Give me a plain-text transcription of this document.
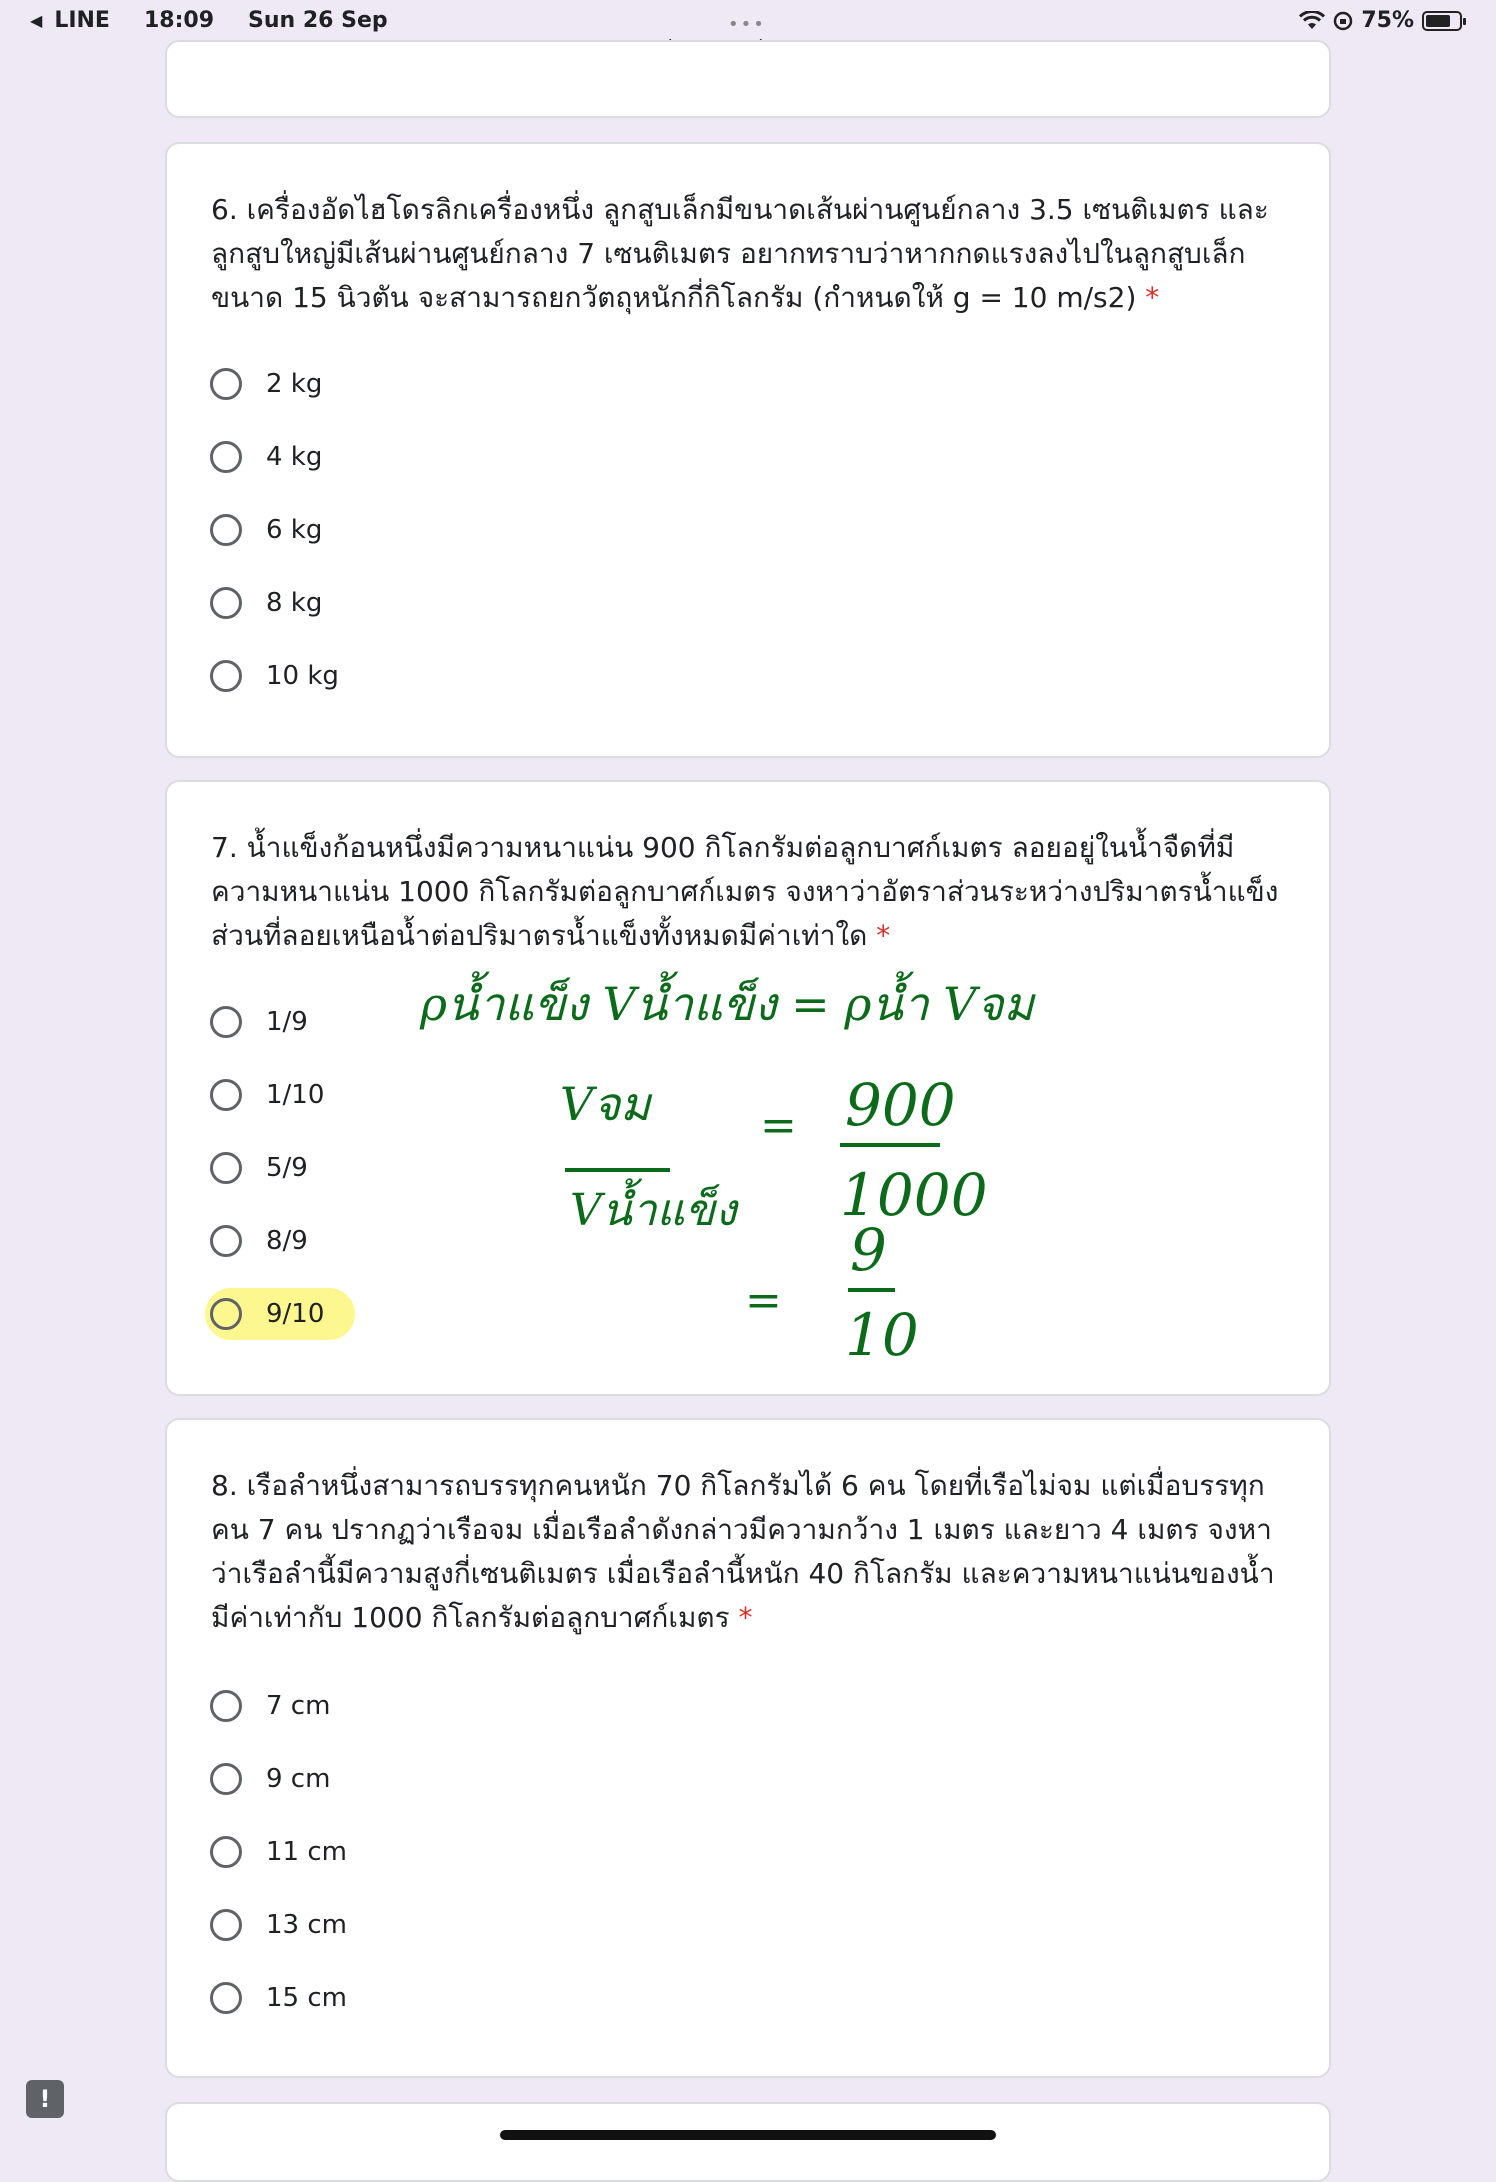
◀ LINE 18:09 Sun 26 Sep	•••	75%
6. เครื่องอัดไฮโดรลิกเครื่องหนึ่ง ลูกสูบเล็กมีขนาดเส้นผ่านศูนย์กลาง 3.5 เซนติเมตร และลูกสูบใหญ่มีเส้นผ่านศูนย์กลาง 7 เซนติเมตร อยากทราบว่าหากกดแรงลงไปในลูกสูบเล็กขนาด 15 นิวตัน จะสามารถยกวัตถุหนักกี่กิโลกรัม (กำหนดให้ g = 10 m/s2) *
2 kg
4 kg
6 kg
8 kg
10 kg
7. น้ำแข็งก้อนหนึ่งมีความหนาแน่น 900 กิโลกรัมต่อลูกบาศก์เมตร ลอยอยู่ในน้ำจืดที่มีความหนาแน่น 1000 กิโลกรัมต่อลูกบาศก์เมตร จงหาว่าอัตราส่วนระหว่างปริมาตรน้ำแข็งส่วนที่ลอยเหนือน้ำต่อปริมาตรน้ำแข็งทั้งหมดมีค่าเท่าใด *
1/9
1/10
5/9
8/9
9/10
ρน้ำแข็ง Vน้ำแข็ง = ρน้ำ Vจม
Vจม
Vน้ำแข็ง
= 900
1000
=
9
10
8. เรือลำหนึ่งสามารถบรรทุกคนหนัก 70 กิโลกรัมได้ 6 คน โดยที่เรือไม่จม แต่เมื่อบรรทุกคน 7 คน ปรากฏว่าเรือจม เมื่อเรือลำดังกล่าวมีความกว้าง 1 เมตร และยาว 4 เมตร จงหาว่าเรือลำนี้มีความสูงกี่เซนติเมตร เมื่อเรือลำนี้หนัก 40 กิโลกรัม และความหนาแน่นของน้ำมีค่าเท่ากับ 1000 กิโลกรัมต่อลูกบาศก์เมตร *
7 cm
9 cm
11 cm
13 cm
15 cm
!
